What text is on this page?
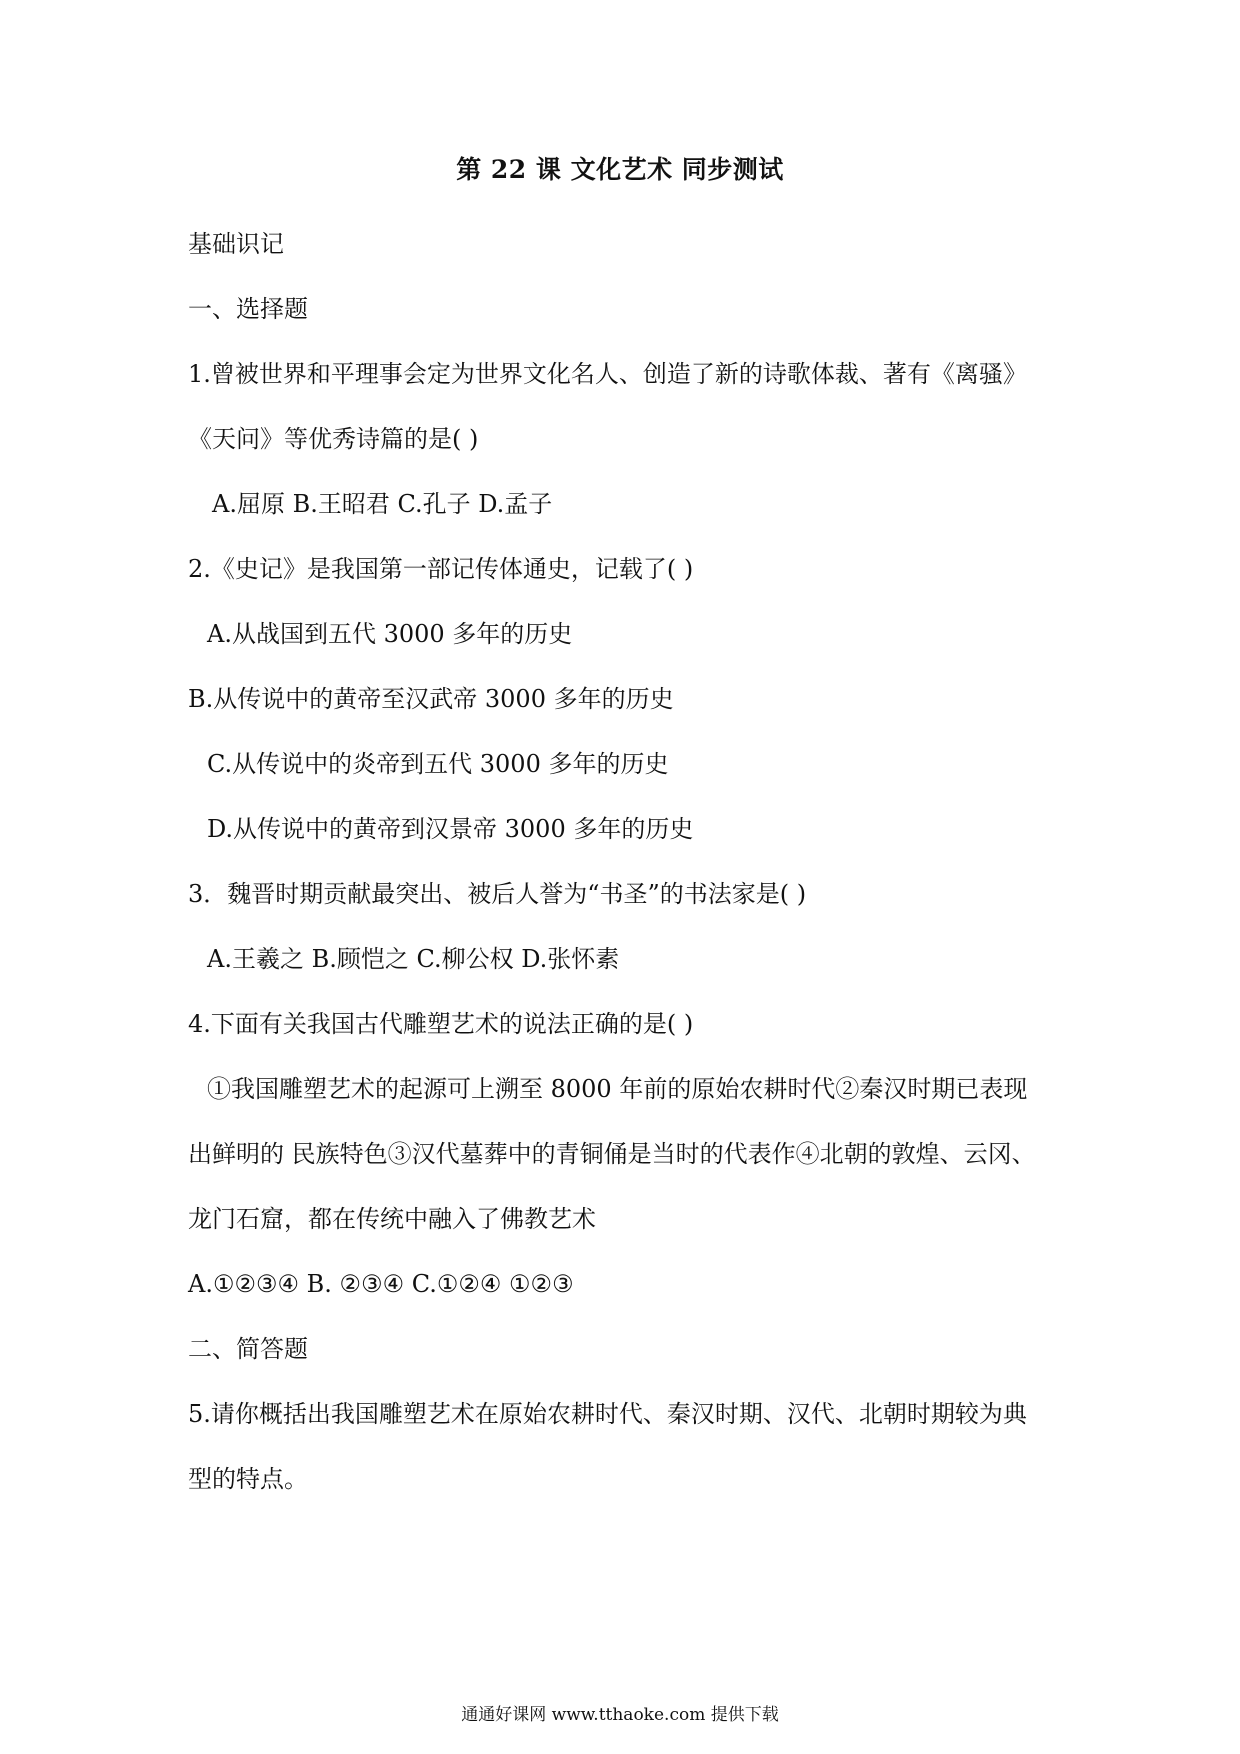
第 22 课 文化艺术 同步测试
基础识记
一、选择题
1.曾被世界和平理事会定为世界文化名人、创造了新的诗歌体裁、著有《离骚》
《天问》等优秀诗篇的是( )
A.屈原 B.王昭君 C.孔子 D.孟子
2.《史记》是我国第一部记传体通史，记载了( )
A.从战国到五代 3000 多年的历史
B.从传说中的黄帝至汉武帝 3000 多年的历史
C.从传说中的炎帝到五代 3000 多年的历史
D.从传说中的黄帝到汉景帝 3000 多年的历史
3．魏晋时期贡献最突出、被后人誉为“书圣”的书法家是( )
A.王羲之 B.顾恺之 C.柳公权 D.张怀素
4.下面有关我国古代雕塑艺术的说法正确的是( )
①我国雕塑艺术的起源可上溯至 8000 年前的原始农耕时代②秦汉时期已表现
出鲜明的 民族特色③汉代墓葬中的青铜俑是当时的代表作④北朝的敦煌、云冈、
龙门石窟，都在传统中融入了佛教艺术
A.①②③④ B. ②③④ C.①②④ ①②③
二、简答题
5.请你概括出我国雕塑艺术在原始农耕时代、秦汉时期、汉代、北朝时期较为典
型的特点。
通通好课网 www.tthaoke.com 提供下载
